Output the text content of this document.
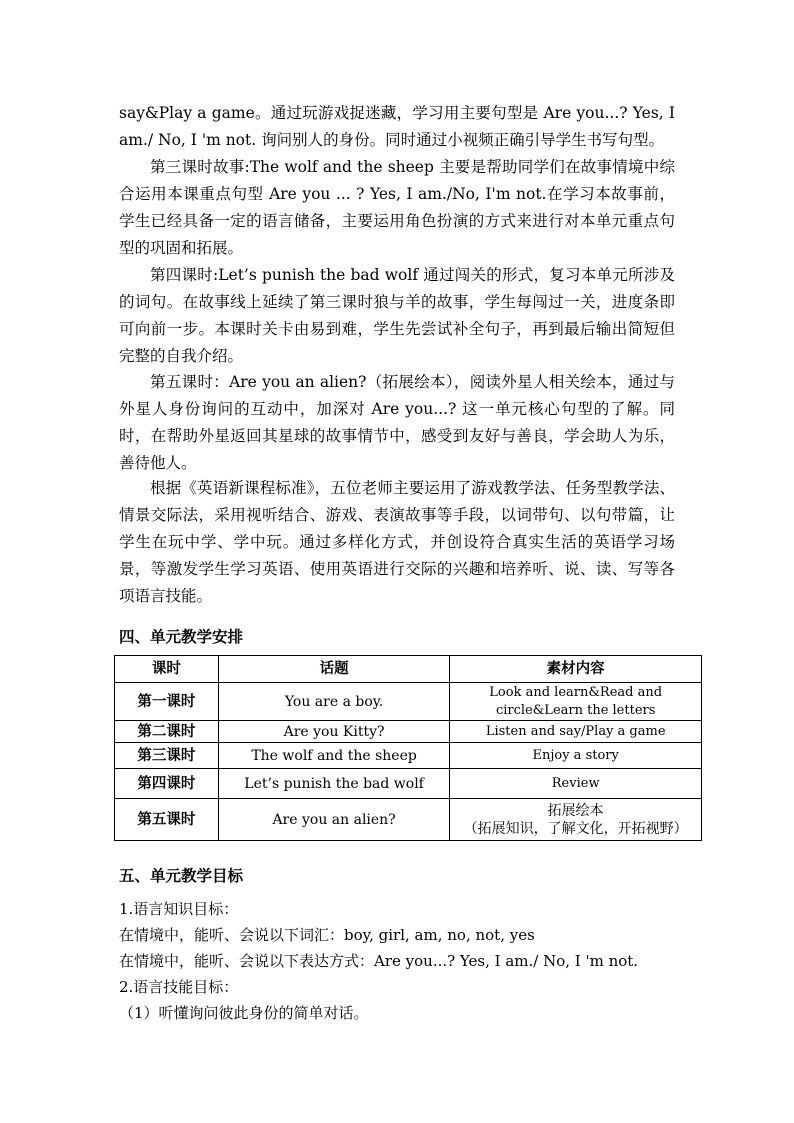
say&Play a game。通过玩游戏捉迷藏，学习用主要句型是 Are you...? Yes, I am./ No, I 'm not. 询问别人的身份。同时通过小视频正确引导学生书写句型。

第三课时故事:The wolf and the sheep 主要是帮助同学们在故事情境中综合运用本课重点句型 Are you ... ? Yes, I am./No, I'm not.在学习本故事前，学生已经具备一定的语言储备，主要运用角色扮演的方式来进行对本单元重点句型的巩固和拓展。

第四课时:Let’s punish the bad wolf 通过闯关的形式，复习本单元所涉及的词句。在故事线上延续了第三课时狼与羊的故事，学生每闯过一关，进度条即可向前一步。本课时关卡由易到难，学生先尝试补全句子，再到最后输出简短但完整的自我介绍。

第五课时：Are you an alien?（拓展绘本），阅读外星人相关绘本，通过与外星人身份询问的互动中，加深对 Are you...? 这一单元核心句型的了解。同时，在帮助外星返回其星球的故事情节中，感受到友好与善良，学会助人为乐，善待他人。

根据《英语新课程标准》，五位老师主要运用了游戏教学法、任务型教学法、情景交际法，采用视听结合、游戏、表演故事等手段，以词带句、以句带篇，让学生在玩中学、学中玩。通过多样化方式，并创设符合真实生活的英语学习场景，等激发学生学习英语、使用英语进行交际的兴趣和培养听、说、读、写等各项语言技能。

四、单元教学安排
课时	话题	素材内容
第一课时	You are a boy.	Look and learn&Read and circle&Learn the letters
第二课时	Are you Kitty?	Listen and say/Play a game
第三课时	The wolf and the sheep	Enjoy a story
第四课时	Let’s punish the bad wolf	Review
第五课时	Are you an alien?	拓展绘本
（拓展知识，了解文化，开拓视野）
五、单元教学目标

1.语言知识目标：

在情境中，能听、会说以下词汇：boy, girl, am, no, not, yes

在情境中，能听、会说以下表达方式：Are you...? Yes, I am./ No, I 'm not.

2.语言技能目标：

（1）听懂询问彼此身份的简单对话。
